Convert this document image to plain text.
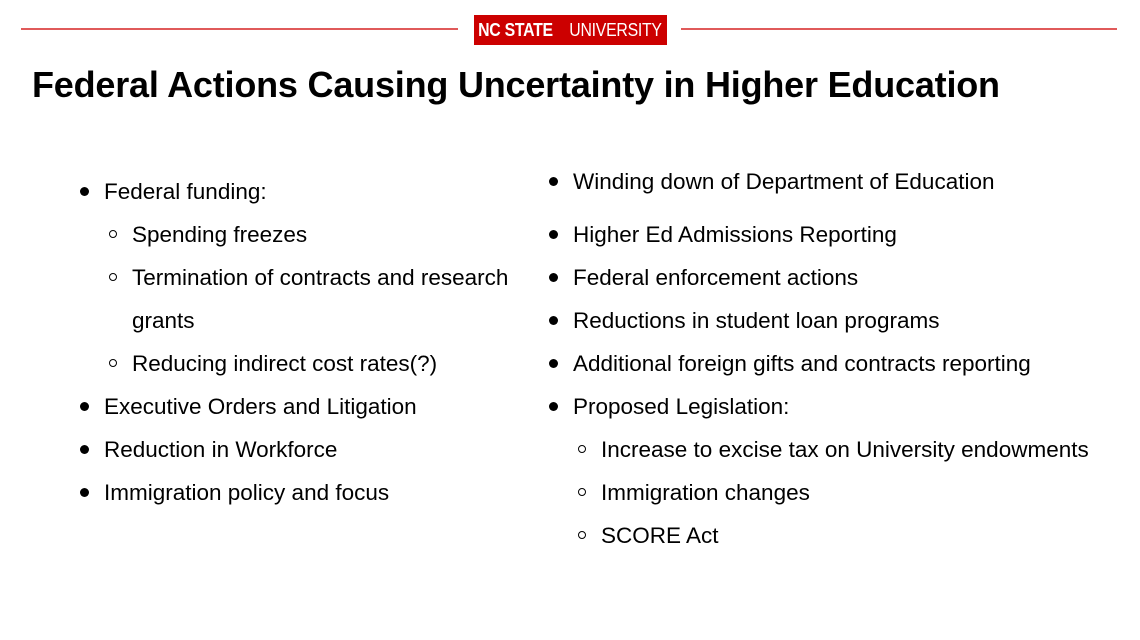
NC STATE UNIVERSITY
Federal Actions Causing Uncertainty in Higher Education
Federal funding:
Spending freezes
Termination of contracts and research
grants
Reducing indirect cost rates(?)
Executive Orders and Litigation
Reduction in Workforce
Immigration policy and focus
Winding down of Department of Education
Higher Ed Admissions Reporting
Federal enforcement actions
Reductions in student loan programs
Additional foreign gifts and contracts reporting
Proposed Legislation:
Increase to excise tax on University endowments
Immigration changes
SCORE Act
